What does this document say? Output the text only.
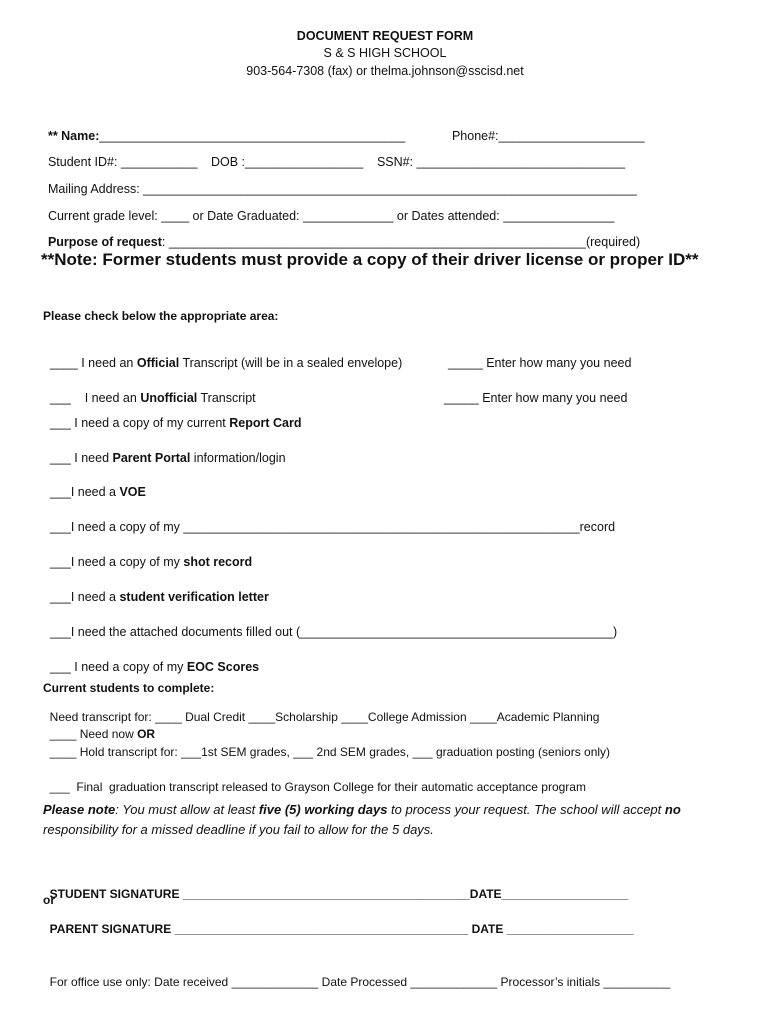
DOCUMENT REQUEST FORM
S & S HIGH SCHOOL
903-564-7308 (fax) or thelma.johnson@sscisd.net

** Name:____________________________________________	Phone#:_____________________

Student ID#: ___________	DOB :_________________	SSN#: ______________________________

Mailing Address: _______________________________________________________________________

Current grade level: ____ or Date Graduated: _____________ or Dates attended: ________________

Purpose of request: ____________________________________________________________(required)

**Note: Former students must provide a copy of their driver license or proper ID**
Please check below the appropriate area:

____ I need an Official Transcript (will be in a sealed envelope)	_____ Enter how many you need

___    I need an Unofficial Transcript	_____ Enter how many you need

___ I need a copy of my current Report Card

___ I need Parent Portal information/login

___I need a VOE

___I need a copy of my _________________________________________________________record

___I need a copy of my shot record

___I need a student verification letter

___I need the attached documents filled out (_____________________________________________)

___ I need a copy of my EOC Scores

Current students to complete:

Need transcript for: ____ Dual Credit ____Scholarship ____College Admission ____Academic Planning

____ Need now OR

____ Hold transcript for: ___1st SEM grades, ___ 2nd SEM grades, ___ graduation posting (seniors only)

___  Final  graduation transcript released to Grayson College for their automatic acceptance program

Please note: You must allow at least five (5) working days to process your request. The school will accept no responsibility for a missed deadline if you fail to allow for the 5 days.

STUDENT SIGNATURE ___________________________________________DATE___________________

or

PARENT SIGNATURE ____________________________________________ DATE ___________________

For office use only: Date received _____________ Date Processed _____________ Processor’s initials __________
